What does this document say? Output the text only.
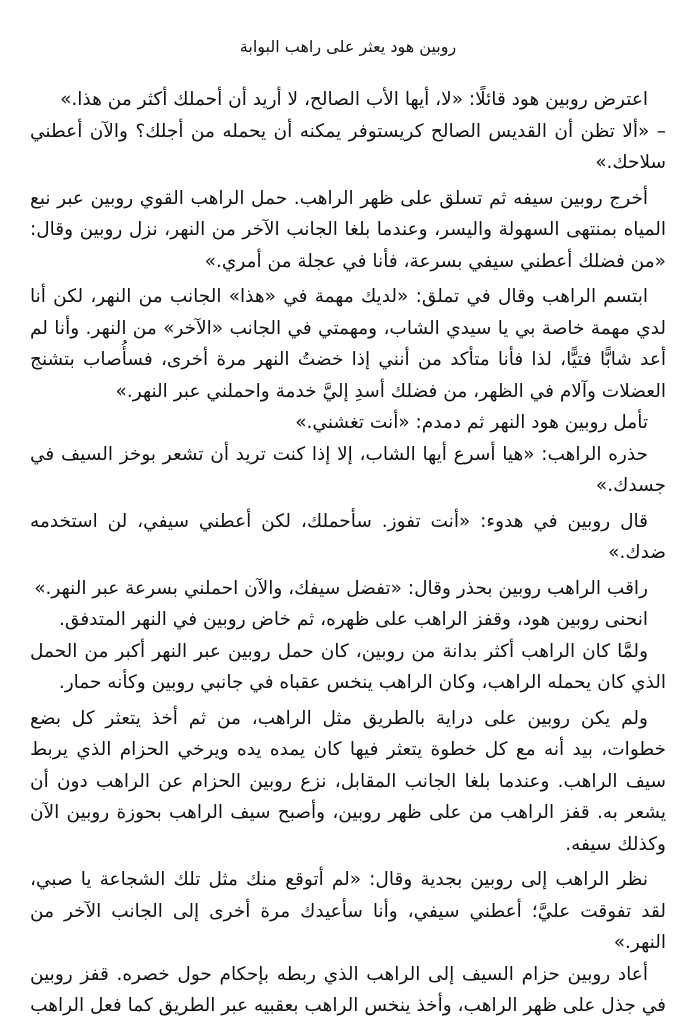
روبين هود يعثر على راهب البوابة

اعترض روبين هود قائلًا: «لا، أيها الأب الصالح، لا أريد أن أحملك أكثر من هذا.»

– «ألا تظن أن القديس الصالح كريستوفر يمكنه أن يحمله من أجلك؟ والآن أعطني سلاحك.»

أخرج روبين سيفه ثم تسلق على ظهر الراهب. حمل الراهب القوي روبين عبر نبع المياه بمنتهى السهولة واليسر، وعندما بلغا الجانب الآخر من النهر، نزل روبين وقال: «من فضلك أعطني سيفي بسرعة، فأنا في عجلة من أمري.»

ابتسم الراهب وقال في تملق: «لديك مهمة في «هذا» الجانب من النهر، لكن أنا لدي مهمة خاصة بي يا سيدي الشاب، ومهمتي في الجانب «الآخر» من النهر. وأنا لم أعد شابًّا فتيًّا، لذا فأنا متأكد من أنني إذا خضتُ النهر مرة أخرى، فسأُصاب بتشنج العضلات وآلام في الظهر، من فضلك أسدِ إليَّ خدمة واحملني عبر النهر.»

تأمل روبين هود النهر ثم دمدم: «أنت تغشني.»

حذره الراهب: «هيا أسرع أيها الشاب، إلا إذا كنت تريد أن تشعر بوخز السيف في جسدك.»

قال روبين في هدوء: «أنت تفوز. سأحملك، لكن أعطني سيفي، لن استخدمه ضدك.»

راقب الراهب روبين بحذر وقال: «تفضل سيفك، والآن احملني بسرعة عبر النهر.»

انحنى روبين هود، وقفز الراهب على ظهره، ثم خاض روبين في النهر المتدفق.

ولمَّا كان الراهب أكثر بدانة من روبين، كان حمل روبين عبر النهر أكبر من الحمل الذي كان يحمله الراهب، وكان الراهب ينخس عقباه في جانبي روبين وكأنه حمار.

ولم يكن روبين على دراية بالطريق مثل الراهب، من ثم أخذ يتعثر كل بضع خطوات، بيد أنه مع كل خطوة يتعثر فيها كان يمده يده ويرخي الحزام الذي يربط سيف الراهب. وعندما بلغا الجانب المقابل، نزع روبين الحزام عن الراهب دون أن يشعر به. قفز الراهب من على ظهر روبين، وأصبح سيف الراهب بحوزة روبين الآن وكذلك سيفه.

نظر الراهب إلى روبين بجدية وقال: «لم أتوقع منك مثل تلك الشجاعة يا صبي، لقد تفوقت عليَّ؛ أعطني سيفي، وأنا سأعيدك مرة أخرى إلى الجانب الآخر من النهر.»

أعاد روبين حزام السيف إلى الراهب الذي ربطه بإحكام حول خصره. قفز روبين في جذل على ظهر الراهب، وأخذ ينخس الراهب بعقبيه عبر الطريق كما فعل الراهب
